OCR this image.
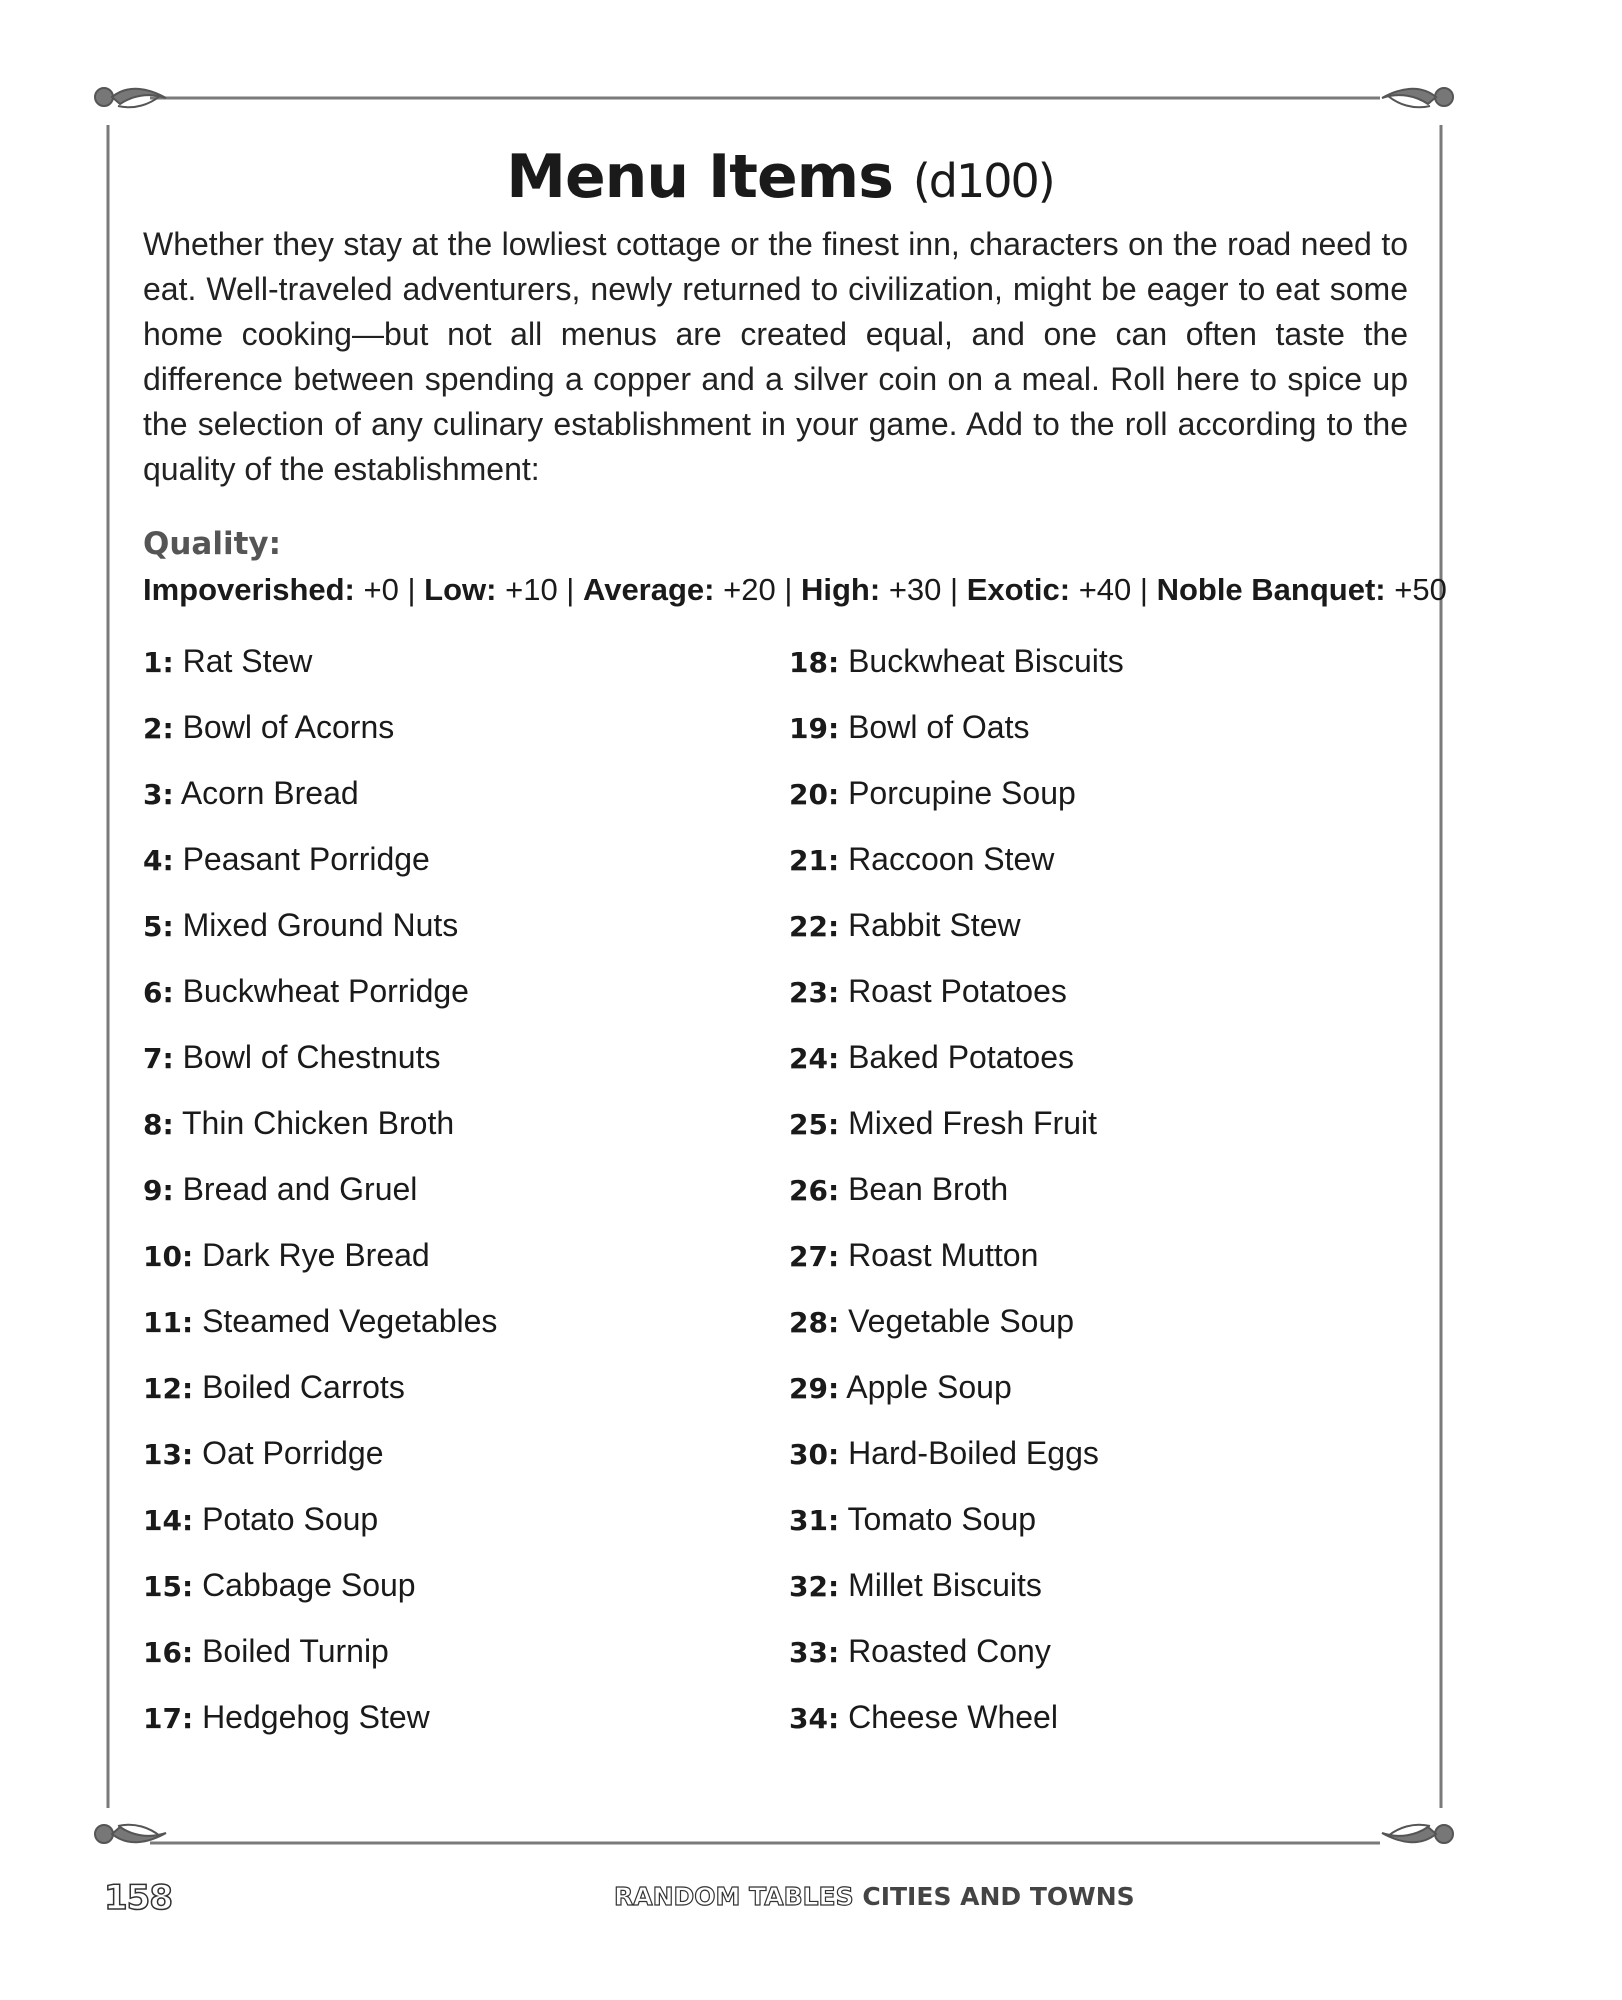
Menu Items (d100)

Whether they stay at the lowliest cottage or the finest inn, characters on the road need to eat. Well-traveled adventurers, newly returned to civilization, might be eager to eat some home cooking—but not all menus are created equal, and one can often taste the difference between spending a copper and a silver coin on a meal. Roll here to spice up the selection of any culinary establishment in your game. Add to the roll according to the quality of the establishment:

Quality:
Impoverished: +0 | Low: +10 | Average: +20 | High: +30 | Exotic: +40 | Noble Banquet: +50
1: Rat Stew
2: Bowl of Acorns
3: Acorn Bread
4: Peasant Porridge
5: Mixed Ground Nuts
6: Buckwheat Porridge
7: Bowl of Chestnuts
8: Thin Chicken Broth
9: Bread and Gruel
10: Dark Rye Bread
11: Steamed Vegetables
12: Boiled Carrots
13: Oat Porridge
14: Potato Soup
15: Cabbage Soup
16: Boiled Turnip
17: Hedgehog Stew
18: Buckwheat Biscuits
19: Bowl of Oats
20: Porcupine Soup
21: Raccoon Stew
22: Rabbit Stew
23: Roast Potatoes
24: Baked Potatoes
25: Mixed Fresh Fruit
26: Bean Broth
27: Roast Mutton
28: Vegetable Soup
29: Apple Soup
30: Hard-Boiled Eggs
31: Tomato Soup
32: Millet Biscuits
33: Roasted Cony
34: Cheese Wheel
158	RANDOM TABLES CITIES AND TOWNS
